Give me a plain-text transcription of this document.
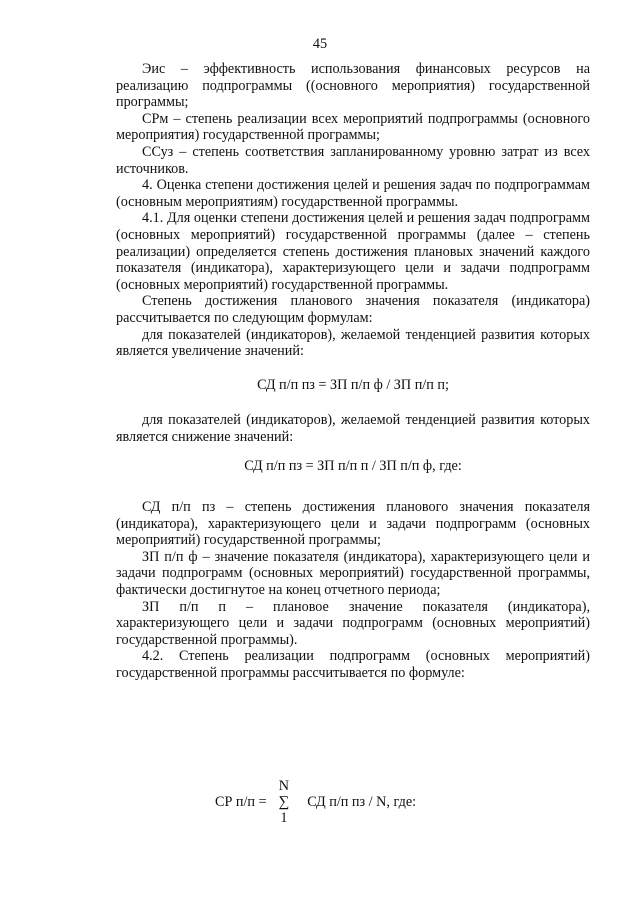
45

Эис – эффективность использования финансовых ресурсов на реализацию подпрограммы ((основного мероприятия) государственной программы;

СРм – степень реализации всех мероприятий подпрограммы (основного мероприятия) государственной программы;

ССуз – степень соответствия запланированному уровню затрат из всех источников.

4. Оценка степени достижения целей и решения задач по подпрограммам (основным мероприятиям) государственной программы.

4.1. Для оценки степени достижения целей и решения задач подпрограмм (основных мероприятий) государственной программы (далее – степень реализации) определяется степень достижения плановых значений каждого показателя (индикатора), характеризующего цели и задачи подпрограмм (основных мероприятий) государственной программы.

Степень достижения планового значения показателя (индикатора) рассчитывается по следующим формулам:

для показателей (индикаторов), желаемой тенденцией развития которых является увеличение значений:

СД п/п пз = ЗП п/п ф / ЗП п/п п;

для показателей (индикаторов), желаемой тенденцией развития которых является снижение значений:

СД п/п пз = ЗП п/п п / ЗП п/п ф, где:

СД п/п пз – степень достижения планового значения показателя (индикатора), характеризующего цели и задачи подпрограмм (основных мероприятий) государственной программы;

ЗП п/п ф – значение показателя (индикатора), характеризующего цели и задачи подпрограмм (основных мероприятий) государственной программы, фактически достигнутое на конец отчетного периода;

ЗП п/п п – плановое значение показателя (индикатора), характеризующего цели и задачи подпрограмм (основных мероприятий) государственной программы).

4.2. Степень реализации подпрограмм (основных мероприятий) государственной программы рассчитывается по формуле:

СР п/п =
N
∑
1
СД п/п пз / N, где:
